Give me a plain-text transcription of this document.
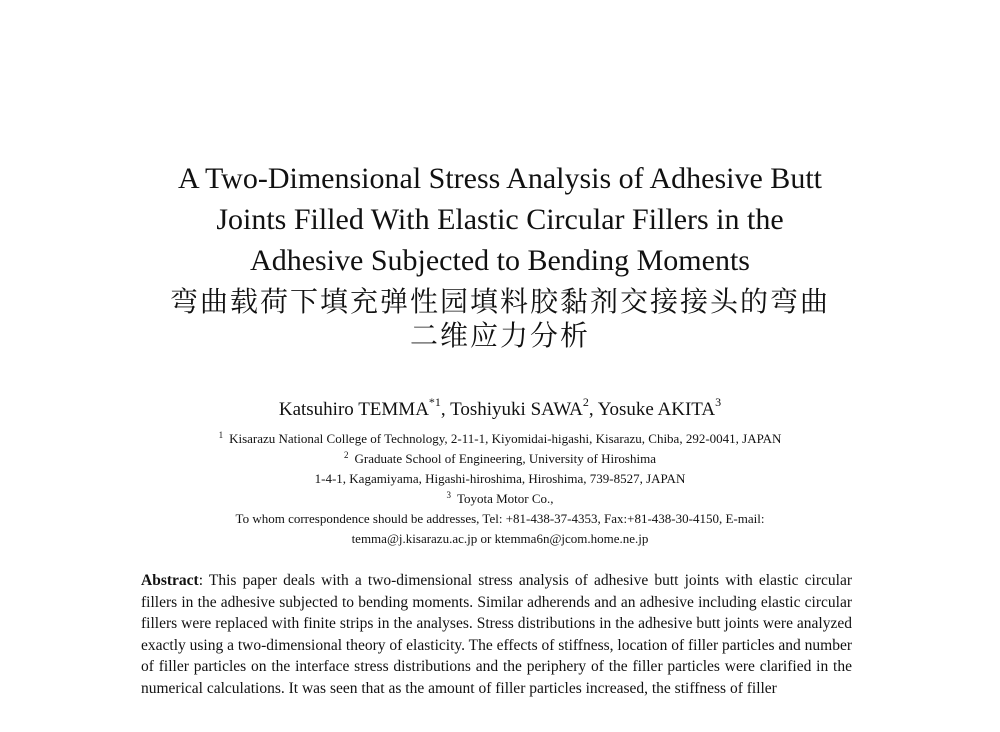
A Two-Dimensional Stress Analysis of Adhesive Butt
Joints Filled With Elastic Circular Fillers in the
Adhesive Subjected to Bending Moments
弯曲载荷下填充弹性园填料胶黏剂交接接头的弯曲
二维应力分析
Katsuhiro TEMMA$^{*1}$, Toshiyuki SAWA$^2$, Yosuke AKITA$^3$
$^1$ Kisarazu National College of Technology, 2-11-1, Kiyomidai-higashi, Kisarazu, Chiba, 292-0041, JAPAN
$^2$ Graduate School of Engineering, University of Hiroshima
1-4-1, Kagamiyama, Higashi-hiroshima, Hiroshima, 739-8527, JAPAN
$^3$ Toyota Motor Co.,
To whom correspondence should be addresses, Tel: +81-438-37-4353, Fax:+81-438-30-4150, E-mail:
temma@j.kisarazu.ac.jp or ktemma6n@jcom.home.ne.jp
Abstract: This paper deals with a two-dimensional stress analysis of adhesive butt joints with elastic circular fillers in the adhesive subjected to bending moments. Similar adherends and an adhesive including elastic circular fillers were replaced with finite strips in the analyses. Stress distributions in the adhesive butt joints were analyzed exactly using a two-dimensional theory of elasticity. The effects of stiffness, location of filler particles and number of filler particles on the interface stress distributions and the periphery of the filler particles were clarified in the numerical calculations. It was seen that as the amount of filler particles increased, the stiffness of filler
